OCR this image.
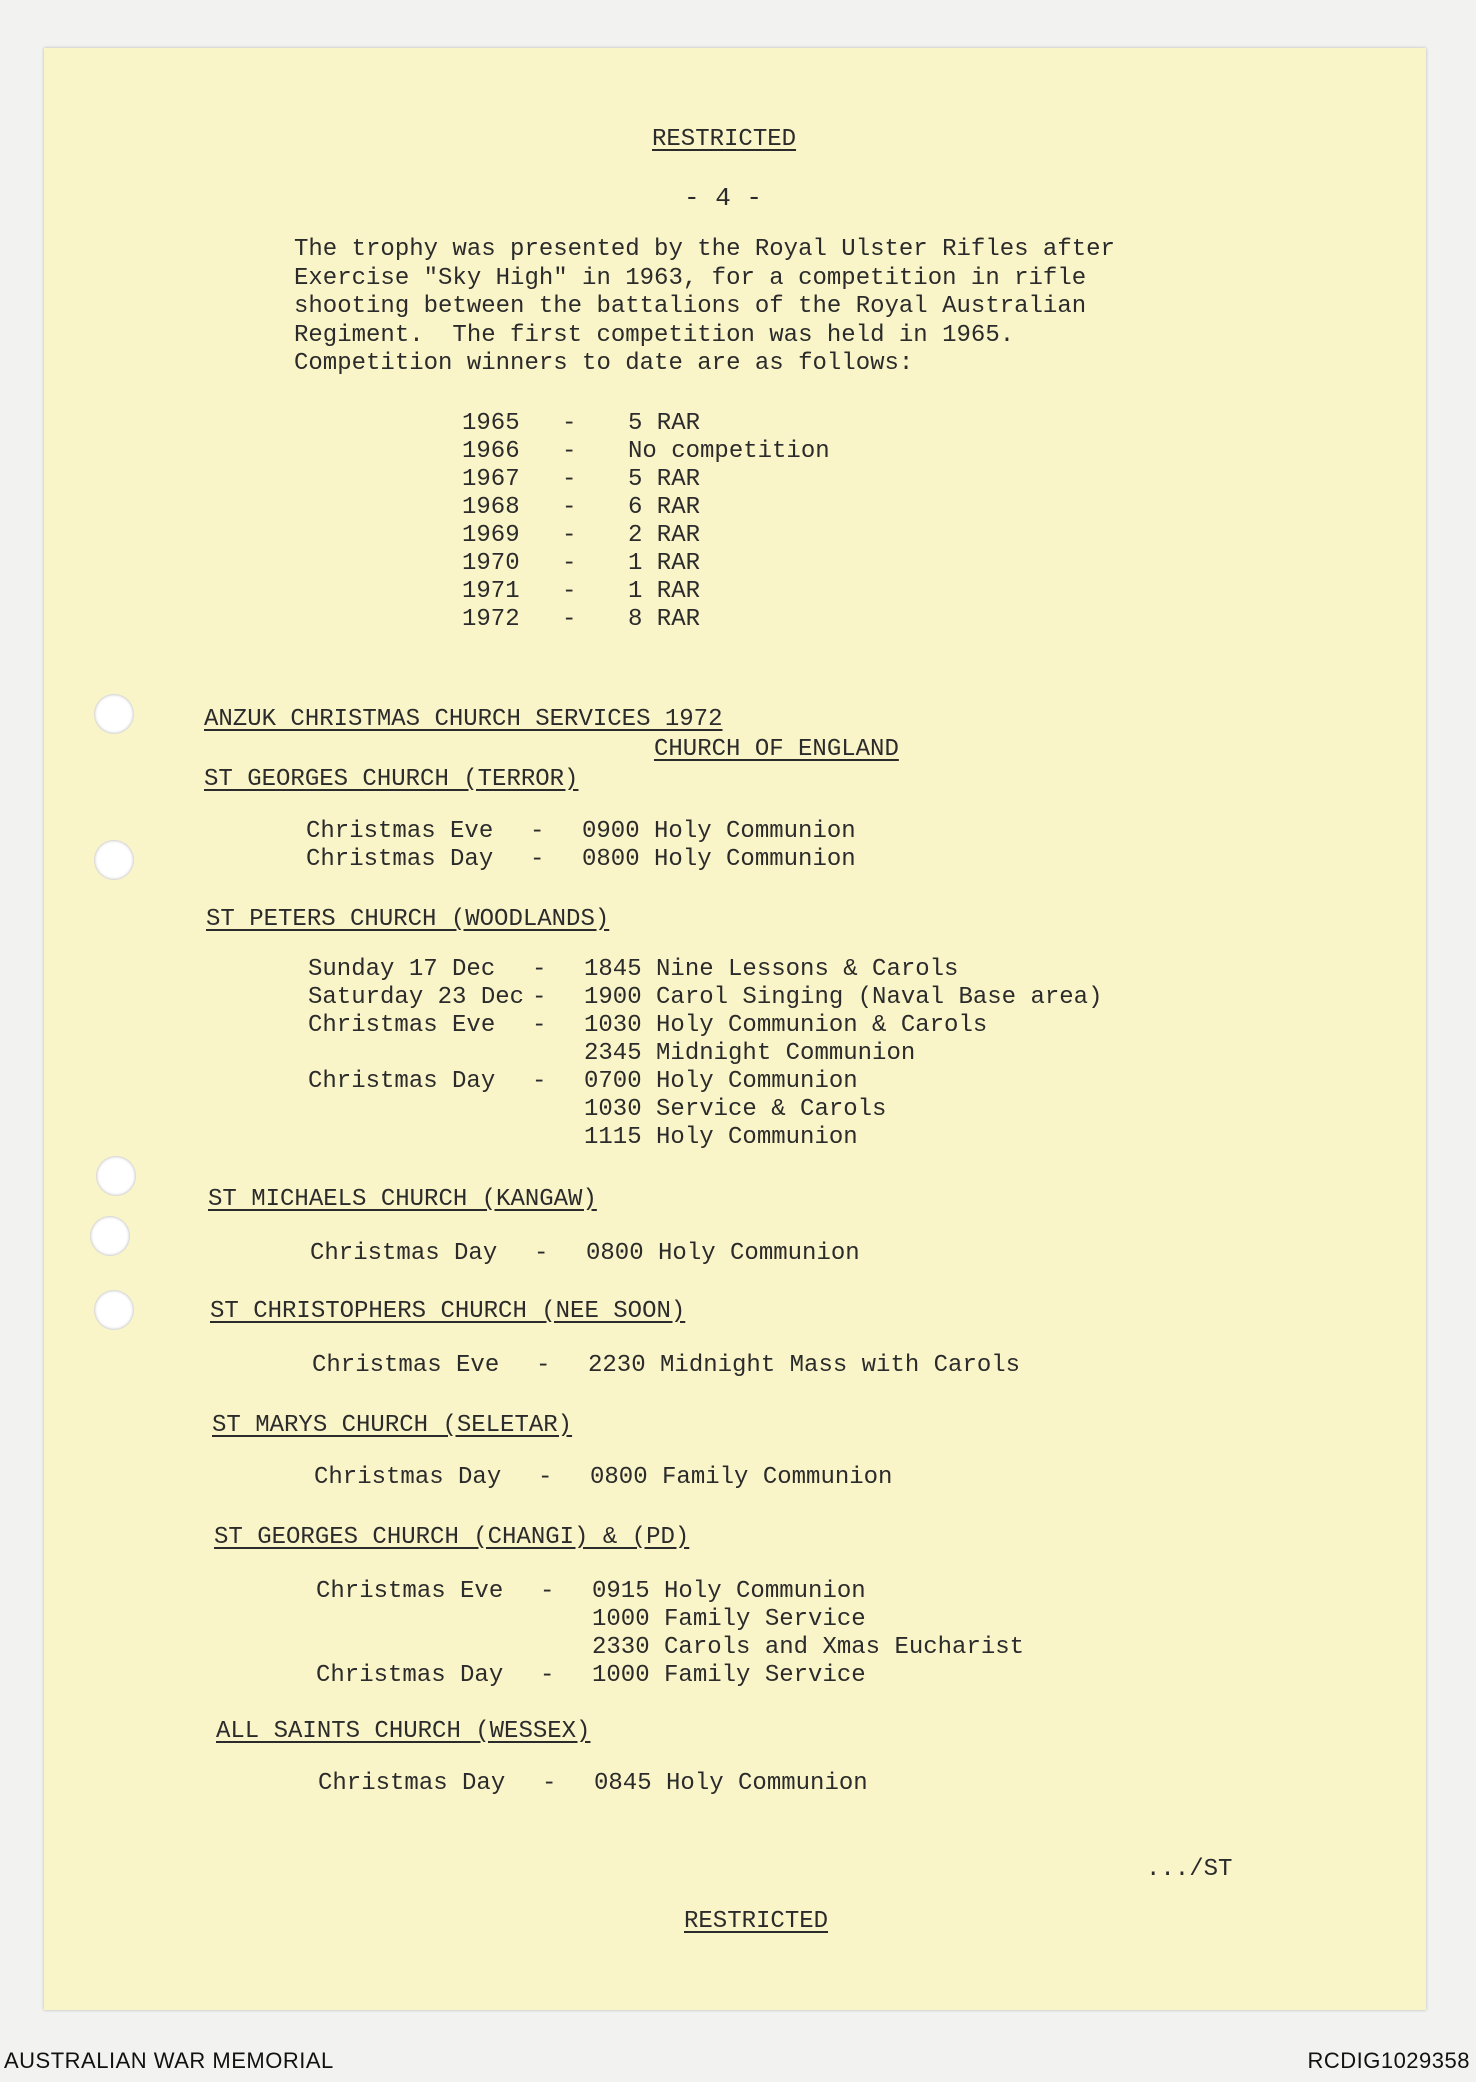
RESTRICTED
- 4 -
The trophy was presented by the Royal Ulster Rifles after
Exercise "Sky High" in 1963, for a competition in rifle
shooting between the battalions of the Royal Australian
Regiment.  The first competition was held in 1965.
Competition winners to date are as follows:
1965 - 5 RAR
1966 - No competition
1967 - 5 RAR
1968 - 6 RAR
1969 - 2 RAR
1970 - 1 RAR
1971 - 1 RAR
1972 - 8 RAR
ANZUK CHRISTMAS CHURCH SERVICES 1972
CHURCH OF ENGLAND
ST GEORGES CHURCH (TERROR)
Christmas Eve - 0900 Holy Communion
Christmas Day - 0800 Holy Communion
ST PETERS CHURCH (WOODLANDS)
Sunday 17 Dec - 1845 Nine Lessons & Carols
Saturday 23 Dec - 1900 Carol Singing (Naval Base area)
Christmas Eve - 1030 Holy Communion & Carols
2345 Midnight Communion
Christmas Day - 0700 Holy Communion
1030 Service & Carols
1115 Holy Communion
ST MICHAELS CHURCH (KANGAW)
Christmas Day - 0800 Holy Communion
ST CHRISTOPHERS CHURCH (NEE SOON)
Christmas Eve - 2230 Midnight Mass with Carols
ST MARYS CHURCH (SELETAR)
Christmas Day - 0800 Family Communion
ST GEORGES CHURCH (CHANGI) & (PD)
Christmas Eve - 0915 Holy Communion
1000 Family Service
2330 Carols and Xmas Eucharist
Christmas Day - 1000 Family Service
ALL SAINTS CHURCH (WESSEX)
Christmas Day - 0845 Holy Communion
.../ST
RESTRICTED
AUSTRALIAN WAR MEMORIAL	RCDIG1029358
